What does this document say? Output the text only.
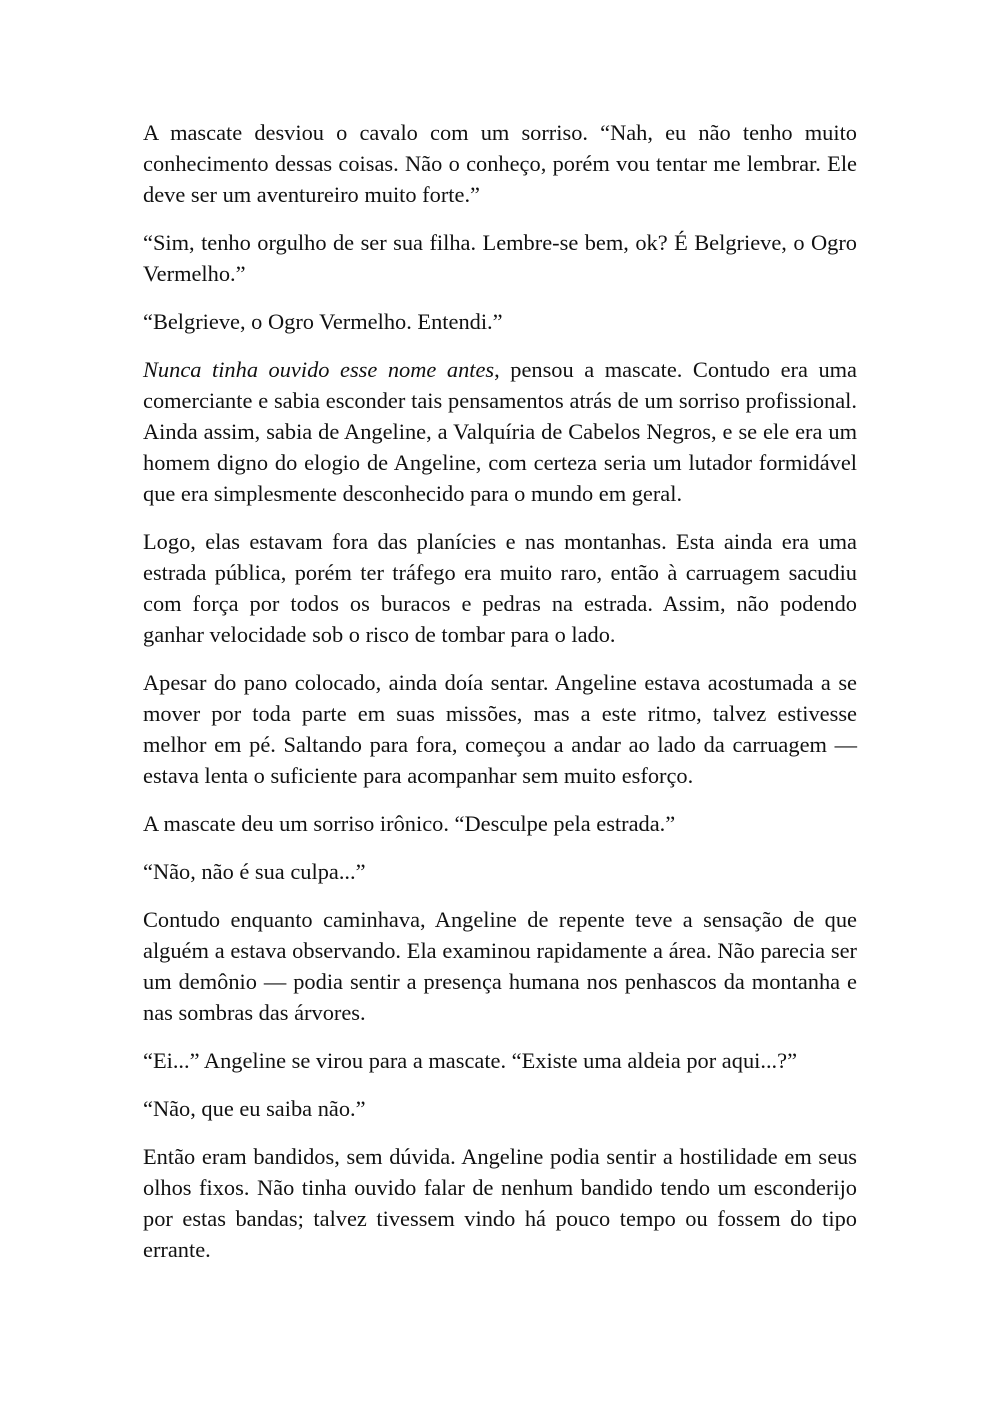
A mascate desviou o cavalo com um sorriso. “Nah, eu não tenho muito conhecimento dessas coisas. Não o conheço, porém vou tentar me lembrar. Ele deve ser um aventureiro muito forte.”

“Sim, tenho orgulho de ser sua filha. Lembre-se bem, ok? É Belgrieve, o Ogro Vermelho.”

“Belgrieve, o Ogro Vermelho. Entendi.”

Nunca tinha ouvido esse nome antes, pensou a mascate. Contudo era uma comerciante e sabia esconder tais pensamentos atrás de um sorriso profissional. Ainda assim, sabia de Angeline, a Valquíria de Cabelos Negros, e se ele era um homem digno do elogio de Angeline, com certeza seria um lutador formidável que era simplesmente desconhecido para o mundo em geral.

Logo, elas estavam fora das planícies e nas montanhas. Esta ainda era uma estrada pública, porém ter tráfego era muito raro, então à carruagem sacudiu com força por todos os buracos e pedras na estrada. Assim, não podendo ganhar velocidade sob o risco de tombar para o lado.

Apesar do pano colocado, ainda doía sentar. Angeline estava acostumada a se mover por toda parte em suas missões, mas a este ritmo, talvez estivesse melhor em pé. Saltando para fora, começou a andar ao lado da carruagem — estava lenta o suficiente para acompanhar sem muito esforço.

A mascate deu um sorriso irônico. “Desculpe pela estrada.”

“Não, não é sua culpa...”

Contudo enquanto caminhava, Angeline de repente teve a sensação de que alguém a estava observando. Ela examinou rapidamente a área. Não parecia ser um demônio — podia sentir a presença humana nos penhascos da montanha e nas sombras das árvores.

“Ei...” Angeline se virou para a mascate. “Existe uma aldeia por aqui...?”

“Não, que eu saiba não.”

Então eram bandidos, sem dúvida. Angeline podia sentir a hostilidade em seus olhos fixos. Não tinha ouvido falar de nenhum bandido tendo um esconderijo por estas bandas; talvez tivessem vindo há pouco tempo ou fossem do tipo errante.
